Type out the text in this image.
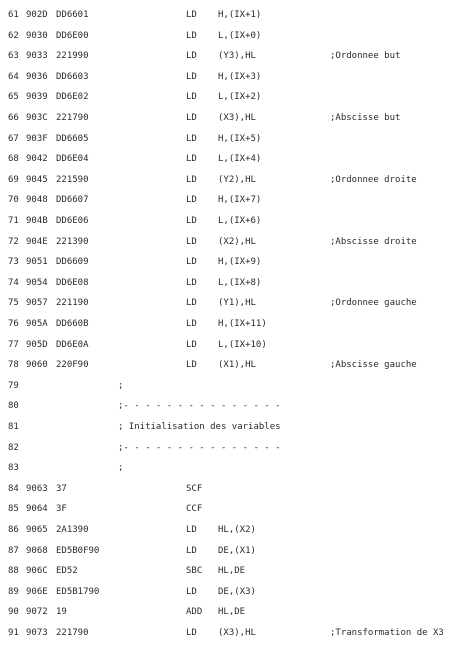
61 902D DD6601	LD H,(IX+1)
62 9030 DD6E00	LD L,(IX+0)
63 9033 221990	LD (Y3),HL	;Ordonnee but
64 9036 DD6603	LD H,(IX+3)
65 9039 DD6E02	LD L,(IX+2)
66 903C 221790	LD (X3),HL	;Abscisse but
67 903F DD6605	LD H,(IX+5)
68 9042 DD6E04	LD L,(IX+4)
69 9045 221590	LD (Y2),HL	;Ordonnee droite
70 9048 DD6607	LD H,(IX+7)
71 904B DD6E06	LD L,(IX+6)
72 904E 221390	LD (X2),HL	;Abscisse droite
73 9051 DD6609	LD H,(IX+9)
74 9054 DD6E08	LD L,(IX+8)
75 9057 221190	LD (Y1),HL	;Ordonnee gauche
76 905A DD660B	LD H,(IX+11)
77 905D DD6E0A	LD L,(IX+10)
78 9060 220F90	LD (X1),HL	;Abscisse gauche
79	;
80	;- - - - - - - - - - - - - - -
81	; Initialisation des variables
82	;- - - - - - - - - - - - - - -
83	;
84 9063 37	SCF
85 9064 3F	CCF
86 9065 2A1390	LD HL,(X2)
87 9068 ED5B0F90	LD DE,(X1)
88 906C ED52	SBC HL,DE
89 906E ED5B1790	LD DE,(X3)
90 9072 19	ADD HL,DE
91 9073 221790	LD (X3),HL	;Transformation de X3
